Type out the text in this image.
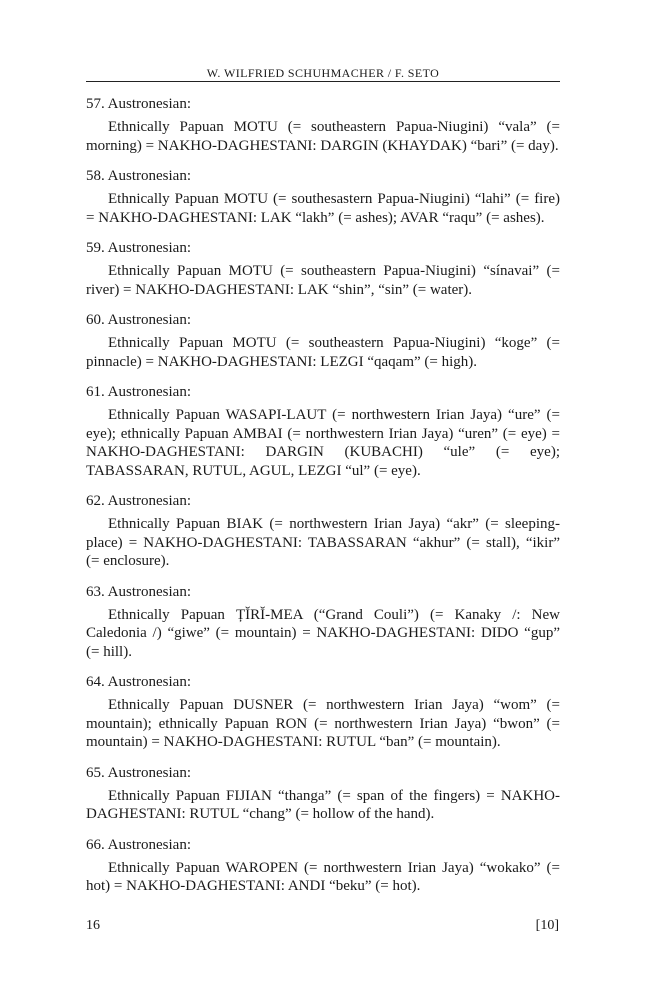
W. WILFRIED SCHUHMACHER / F. SETO
57. Austronesian:
Ethnically Papuan MOTU (= southeastern Papua-Niugini) “vala” (= morning) = NAKHO-DAGHESTANI: DARGIN (KHAYDAK) “bari” (= day).
58. Austronesian:
Ethnically Papuan MOTU (= southesastern Papua-Niugini) “lahi” (= fire) = NAKHO-DAGHESTANI: LAK “lakh” (= ashes); AVAR “raqu” (= ashes).
59. Austronesian:
Ethnically Papuan MOTU (= southeastern Papua-Niugini) “sínavai” (= river) = NAKHO-DAGHESTANI: LAK “shin”, “sin” (= water).
60. Austronesian:
Ethnically Papuan MOTU (= southeastern Papua-Niugini) “koge” (= pinnacle) = NAKHO-DAGHESTANI: LEZGI “qaqam” (= high).
61. Austronesian:
Ethnically Papuan WASAPI-LAUT (= northwestern Irian Jaya) “ure” (= eye); ethnically Papuan AMBAI (= northwestern Irian Jaya) “uren” (= eye) = NAKHO-DAGHESTANI: DARGIN (KUBACHI) “ule” (= eye); TABASSARAN, RUTUL, AGUL, LEZGI “ul” (= eye).
62. Austronesian:
Ethnically Papuan BIAK (= northwestern Irian Jaya) “akr” (= sleeping-place) = NAKHO-DAGHESTANI: TABASSARAN “akhur” (= stall), “ikir” (= enclosure).
63. Austronesian:
Ethnically Papuan ȚĬRĬ-MEA (“Grand Couli”) (= Kanaky /: New Caledonia /) “giwe” (= mountain) = NAKHO-DAGHESTANI: DIDO “gup” (= hill).
64. Austronesian:
Ethnically Papuan DUSNER (= northwestern Irian Jaya) “wom” (= mountain); ethnically Papuan RON (= northwestern Irian Jaya) “bwon” (= mountain) = NAKHO-DAGHESTANI: RUTUL “ban” (= mountain).
65. Austronesian:
Ethnically Papuan FIJIAN “thanga” (= span of the fingers) = NAKHO-DAGHESTANI: RUTUL “chang” (= hollow of the hand).
66. Austronesian:
Ethnically Papuan WAROPEN (= northwestern Irian Jaya) “wokako” (= hot) = NAKHO-DAGHESTANI: ANDI “beku” (= hot).
16	[10]
